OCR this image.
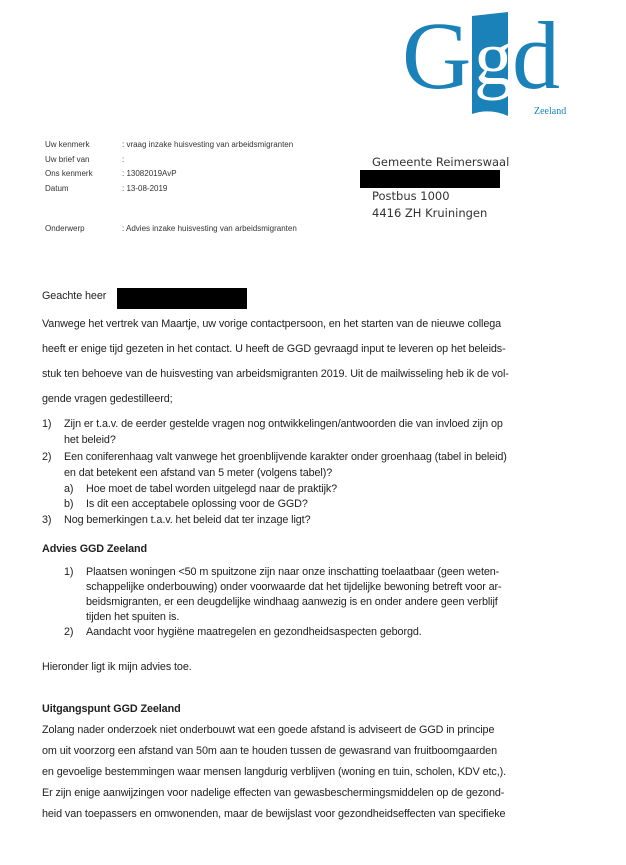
G g d
Zeeland
Uw kenmerk	: vraag inzake huisvesting van arbeidsmigranten
Uw brief van	:
Ons kenmerk	: 13082019AvP
Datum	: 13-08-2019
Onderwerp	: Advies inzake huisvesting van arbeidsmigranten
Gemeente Reimerswaal
Postbus 1000
4416 ZH Kruiningen
Geachte heer
Vanwege het vertrek van Maartje, uw vorige contactpersoon, en het starten van de nieuwe collega
heeft er enige tijd gezeten in het contact. U heeft de GGD gevraagd input te leveren op het beleids-
stuk ten behoeve van de huisvesting van arbeidsmigranten 2019. Uit de mailwisseling heb ik de vol-
gende vragen gedestilleerd;
1) Zijn er t.a.v. de eerder gestelde vragen nog ontwikkelingen/antwoorden die van invloed zijn op
het beleid?
2) Een coniferenhaag valt vanwege het groenblijvende karakter onder groenhaag (tabel in beleid)
en dat betekent een afstand van 5 meter (volgens tabel)?
a) Hoe moet de tabel worden uitgelegd naar de praktijk?
b) Is dit een acceptabele oplossing voor de GGD?
3) Nog bemerkingen t.a.v. het beleid dat ter inzage ligt?
Advies GGD Zeeland
1) Plaatsen woningen <50 m spuitzone zijn naar onze inschatting toelaatbaar (geen weten-
schappelijke onderbouwing) onder voorwaarde dat het tijdelijke bewoning betreft voor ar-
beidsmigranten, er een deugdelijke windhaag aanwezig is en onder andere geen verblijf
tijden het spuiten is.
2) Aandacht voor hygiëne maatregelen en gezondheidsaspecten geborgd.
Hieronder ligt ik mijn advies toe.
Uitgangspunt GGD Zeeland
Zolang nader onderzoek niet onderbouwt wat een goede afstand is adviseert de GGD in principe
om uit voorzorg een afstand van 50m aan te houden tussen de gewasrand van fruitboomgaarden
en gevoelige bestemmingen waar mensen langdurig verblijven (woning en tuin, scholen, KDV etc,).
Er zijn enige aanwijzingen voor nadelige effecten van gewasbeschermingsmiddelen op de gezond-
heid van toepassers en omwonenden, maar de bewijslast voor gezondheidseffecten van specifieke
